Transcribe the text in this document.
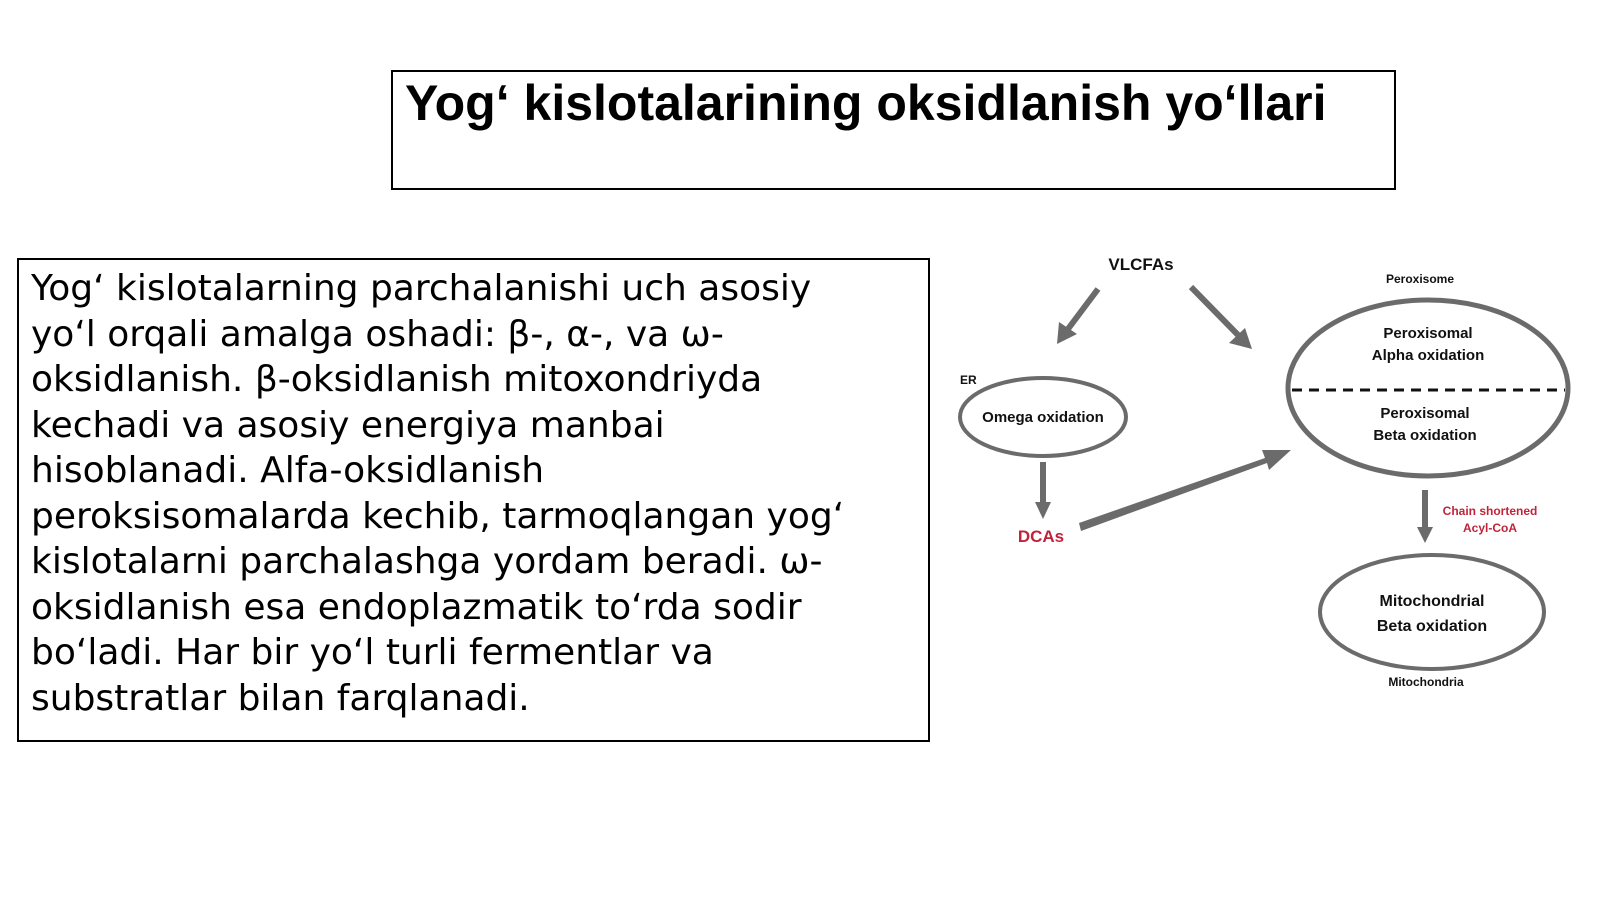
Yogʻ kislotalarining oksidlanish yoʻllari

Yogʻ kislotalarning parchalanishi uch asosiy
yoʻl orqali amalga oshadi: β-, α-, va ω-
oksidlanish. β-oksidlanish mitoxondriyda
kechadi va asosiy energiya manbai
hisoblanadi. Alfa-oksidlanish
peroksisomalarda kechib, tarmoqlangan yogʻ
kislotalarni parchalashga yordam beradi. ω-
oksidlanish esa endoplazmatik toʻrda sodir
boʻladi. Har bir yoʻl turli fermentlar va
substratlar bilan farqlanadi.

VLCFAs
ER
Omega oxidation
DCAs
Peroxisome
Peroxisomal
Alpha oxidation
Peroxisomal
Beta oxidation
Chain shortened
Acyl-CoA
Mitochondrial
Beta oxidation
Mitochondria
